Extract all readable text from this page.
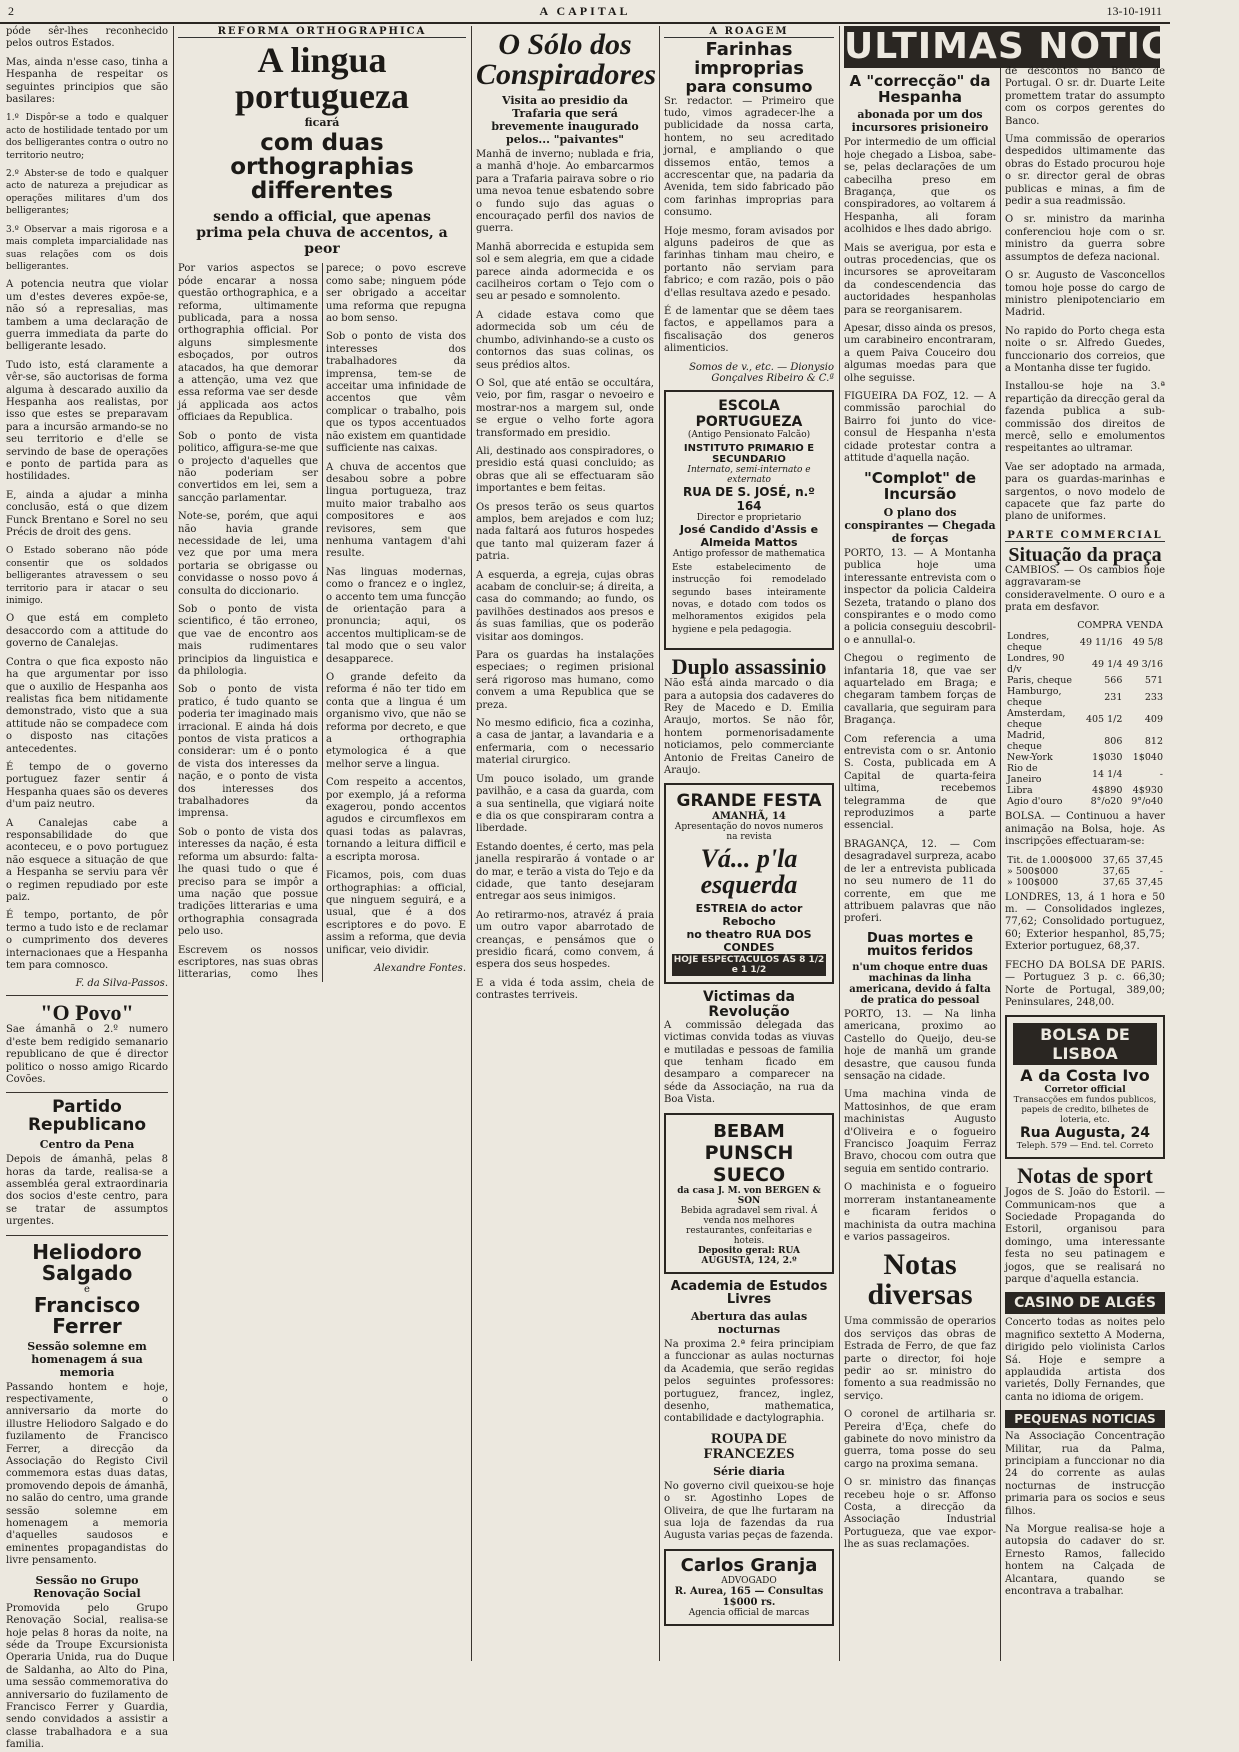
2	A CAPITAL	13-10-1911

póde sêr-lhes reconhecido pelos outros Estados.

Mas, ainda n'esse caso, tinha a Hespanha de respeitar os seguintes principios que são basilares:

1.º Dispôr-se a todo e qualquer acto de hostilidade tentado por um dos belligerantes contra o outro no territorio neutro;

2.º Abster-se de todo e qualquer acto de natureza a prejudicar as operações militares d'um dos belligerantes;

3.º Observar a mais rigorosa e a mais completa imparcialidade nas suas relações com os dois belligerantes.

A potencia neutra que violar um d'estes deveres expõe-se, não só a represalias, mas tambem a uma declaração de guerra immediata da parte do belligerante lesado.

Tudo isto, está claramente a vêr-se, são auctorisas de forma alguma à descarado auxilio da Hespanha aos realistas, por isso que estes se preparavam para a incursão armando-se no seu territorio e d'elle se servindo de base de operações e ponto de partida para as hostilidades.

E, ainda a ajudar a minha conclusão, está o que dizem Funck Brentano e Sorel no seu Précis de droit des gens.

O Estado soberano não póde consentir que os soldados belligerantes atravessem o seu territorio para ir atacar o seu inimigo.

O que está em completo desaccordo com a attitude do governo de Canalejas.

Contra o que fica exposto não ha que argumentar por isso que o auxilio de Hespanha aos realistas fica bem nitidamente demonstrado, visto que a sua attitude não se compadece com o disposto nas citações antecedentes.

É tempo de o governo portuguez fazer sentir á Hespanha quaes são os deveres d'um paiz neutro.

A Canalejas cabe a responsabilidade do que aconteceu, e o povo portuguez não esquece a situação de que a Hespanha se serviu para vêr o regimen repudiado por este paiz.

É tempo, portanto, de pôr termo a tudo isto e de reclamar o cumprimento dos deveres internacionaes que a Hespanha tem para comnosco.

F. da Silva-Passos.
"O Povo"

Sae ámanhã o 2.º numero d'este bem redigido semanario republicano de que é director politico o nosso amigo Ricardo Covões.

Partido Republicano
Centro da Pena

Depois de ámanhã, pelas 8 horas da tarde, realisa-se a assembléa geral extraordinaria dos socios d'este centro, para se tratar de assumptos urgentes.

Heliodoro Salgado
e
Francisco Ferrer
Sessão solemne em homenagem á sua memoria

Passando hontem e hoje, respectivamente, o anniversario da morte do illustre Heliodoro Salgado e do fuzilamento de Francisco Ferrer, a direcção da Associação do Registo Civil commemora estas duas datas, promovendo depois de ámanhã, no salão do centro, uma grande sessão solemne em homenagem a memoria d'aquelles saudosos e eminentes propagandistas do livre pensamento.

Sessão no Grupo Renovação Social

Promovida pelo Grupo Renovação Social, realisa-se hoje pelas 8 horas da noite, na séde da Troupe Excursionista Operaria Unida, rua do Duque de Saldanha, ao Alto do Pina, uma sessão commemorativa do anniversario do fuzilamento de Francisco Ferrer y Guardia, sendo convidados a assistir a classe trabalhadora e a sua familia.

REFORMA ORTHOGRAPHICA
A lingua portugueza
ficará
com duas orthographias differentes
sendo a official, que apenas prima pela chuva de accentos, a peor

Por varios aspectos se póde encarar a nossa questão orthographica, e a reforma, ultimamente publicada, para a nossa orthographia official. Por alguns simplesmente esboçados, por outros atacados, ha que demorar a attenção, uma vez que essa reforma vae ser desde já applicada aos actos officiaes da Republica.

Sob o ponto de vista politico, affigura-se-me que o projecto d'aquelles que não poderiam ser convertidos em lei, sem a sancção parlamentar.

Note-se, porém, que aqui não havia grande necessidade de lei, uma vez que por uma mera portaria se obrigasse ou convidasse o nosso povo á consulta do diccionario.

Sob o ponto de vista scientifico, é tão erroneo, que vae de encontro aos mais rudimentares principios da linguistica e da philologia.

Sob o ponto de vista pratico, é tudo quanto se poderia ter imaginado mais irracional. E ainda há dois pontos de vista praticos a considerar: um é o ponto de vista dos interesses da nação, e o ponto de vista dos interesses dos trabalhadores da imprensa.

Sob o ponto de vista dos interesses da nação, é esta reforma um absurdo: falta-lhe quasi tudo o que é preciso para se impôr a uma nação que possue tradições litterarias e uma orthographia consagrada pelo uso.

Escrevem os nossos escriptores, nas suas obras litterarias, como lhes parece; o povo escreve como sabe; ninguem póde ser obrigado a acceitar uma reforma que repugna ao bom senso.

Sob o ponto de vista dos interesses dos trabalhadores da imprensa, tem-se de acceitar uma infinidade de accentos que vêm complicar o trabalho, pois que os typos accentuados não existem em quantidade sufficiente nas caixas.

A chuva de accentos que desabou sobre a pobre lingua portugueza, traz muito maior trabalho aos compositores e aos revisores, sem que nenhuma vantagem d'ahi resulte.

Nas linguas modernas, como o francez e o inglez, o accento tem uma funcção de orientação para a pronuncia; aqui, os accentos multiplicam-se de tal modo que o seu valor desapparece.

O grande defeito da reforma é não ter tido em conta que a lingua é um organismo vivo, que não se reforma por decreto, e que a orthographia etymologica é a que melhor serve a lingua.

Com respeito a accentos, por exemplo, já a reforma exagerou, pondo accentos agudos e circumflexos em quasi todas as palavras, tornando a leitura difficil e a escripta morosa.

Ficamos, pois, com duas orthographias: a official, que ninguem seguirá, e a usual, que é a dos escriptores e do povo. E assim a reforma, que devia unificar, veio dividir.

Alexandre Fontes.
O Sólo dos Conspiradores
Visita ao presidio da Trafaria que será brevemente inaugurado pelos... "paivantes"

Manhã de inverno; nublada e fria, a manhã d'hoje. Ao embarcarmos para a Trafaria pairava sobre o rio uma nevoa tenue esbatendo sobre o fundo sujo das aguas o encouraçado perfil dos navios de guerra.

Manhã aborrecida e estupida sem sol e sem alegria, em que a cidade parece ainda adormecida e os cacilheiros cortam o Tejo com o seu ar pesado e somnolento.

A cidade estava como que adormecida sob um céu de chumbo, adivinhando-se a custo os contornos das suas colinas, os seus prédios altos.

O Sol, que até então se occultára, veio, por fim, rasgar o nevoeiro e mostrar-nos a margem sul, onde se ergue o velho forte agora transformado em presidio.

Ali, destinado aos conspiradores, o presidio está quasi concluido; as obras que ali se effectuaram são importantes e bem feitas.

Os presos terão os seus quartos amplos, bem arejados e com luz; nada faltará aos futuros hospedes que tanto mal quizeram fazer á patria.

A esquerda, a egreja, cujas obras acabam de concluir-se; á direita, a casa do commando; ao fundo, os pavilhões destinados aos presos e ás suas familias, que os poderão visitar aos domingos.

Para os guardas ha instalações especiaes; o regimen prisional será rigoroso mas humano, como convem a uma Republica que se preza.

No mesmo edificio, fica a cozinha, a casa de jantar, a lavandaria e a enfermaria, com o necessario material cirurgico.

Um pouco isolado, um grande pavilhão, e a casa da guarda, com a sua sentinella, que vigiará noite e dia os que conspiraram contra a liberdade.

Estando doentes, é certo, mas pela janella respirarão á vontade o ar do mar, e terão a vista do Tejo e da cidade, que tanto desejaram entregar aos seus inimigos.

Ao retirarmo-nos, atravéz á praia um outro vapor abarrotado de creanças, e pensámos que o presidio ficará, como convem, á espera dos seus hospedes.

E a vida é toda assim, cheia de contrastes terriveis.

A ROAGEM
Farinhas improprias
para consumo

Sr. redactor. — Primeiro que tudo, vimos agradecer-lhe a publicidade da nossa carta, hontem, no seu acreditado jornal, e ampliando o que dissemos então, temos a accrescentar que, na padaria da Avenida, tem sido fabricado pão com farinhas improprias para consumo.

Hoje mesmo, foram avisados por alguns padeiros de que as farinhas tinham mau cheiro, e portanto não serviam para fabrico; e com razão, pois o pão d'ellas resultava azedo e pesado.

É de lamentar que se dêem taes factos, e appellamos para a fiscalisação dos generos alimenticios.

Somos de v., etc. — Dionysio Gonçalves Ribeiro & C.ª
ESCOLA PORTUGUEZA
(Antigo Pensionato Falcão)
INSTITUTO PRIMARIO E SECUNDARIO
Internato, semi-internato e externato
RUA DE S. JOSÉ, n.º 164
Director e proprietario
José Candido d'Assis e Almeida Mattos
Antigo professor de mathematica

Este estabelecimento de instrucção foi remodelado segundo bases inteiramente novas, e dotado com todos os melhoramentos exigidos pela hygiene e pela pedagogia.

Duplo assassinio

Não está ainda marcado o dia para a autopsia dos cadaveres do Rey de Macedo e D. Emilia Araujo, mortos. Se não fôr, hontem pormenorisadamente noticiamos, pelo commerciante Antonio de Freitas Caneiro de Araujo.

GRANDE FESTA
AMANHÃ, 14
Apresentação do novos numeros na revista
Vá... p'la esquerda
ESTREIA do actor Rebocho
no theatro RUA DOS CONDES
HOJE ESPECTACULOS ÁS 8 1/2 e 1 1/2
Victimas da Revolução

A commissão delegada das victimas convida todas as viuvas e mutiladas e pessoas de familia que tenham ficado em desamparo a comparecer na séde da Associação, na rua da Boa Vista.

BEBAM
PUNSCH SUECO
da casa J. M. von BERGEN & SON
Bebida agradavel sem rival. Á venda nos melhores restaurantes, confeitarias e hoteis.
Deposito geral: RUA AUGUSTA, 124, 2.º
Academia de Estudos Livres
Abertura das aulas nocturnas

Na proxima 2.ª feira principiam a funccionar as aulas nocturnas da Academia, que serão regidas pelos seguintes professores: portuguez, francez, inglez, desenho, mathematica, contabilidade e dactylographia.

ROUPA DE FRANCEZES
Série diaria

No governo civil queixou-se hoje o sr. Agostinho Lopes de Oliveira, de que lhe furtaram na sua loja de fazendas da rua Augusta varias peças de fazenda.

Carlos Granja
ADVOGADO
R. Aurea, 165 — Consultas 1$000 rs.
Agencia official de marcas
ULTIMAS NOTICIAS
A "correcção" da Hespanha
abonada por um dos incursores prisioneiro

Por intermedio de um official hoje chegado a Lisboa, sabe-se, pelas declarações de um cabecilha preso em Bragança, que os conspiradores, ao voltarem á Hespanha, ali foram acolhidos e lhes dado abrigo.

Mais se averigua, por esta e outras procedencias, que os incursores se aproveitaram da condescendencia das auctoridades hespanholas para se reorganisarem.

Apesar, disso ainda os presos, um carabineiro encontraram, a quem Paiva Couceiro dou algumas moedas para que olhe seguisse.

FIGUEIRA DA FOZ, 12. — A commissão parochial do Bairro foi junto do vice-consul de Hespanha n'esta cidade protestar contra a attitude d'aquella nação.

"Complot" de Incursão
O plano dos conspirantes — Chegada de forças

PORTO, 13. — A Montanha publica hoje uma interessante entrevista com o inspector da policia Caldeira Sezeta, tratando o plano dos conspirantes e o modo como a policia conseguiu descobril-o e annullal-o.

Chegou o regimento de infantaria 18, que vae ser aquartelado em Braga; e chegaram tambem forças de cavallaria, que seguiram para Bragança.

Com referencia a uma entrevista com o sr. Antonio S. Costa, publicada em A Capital de quarta-feira ultima, recebemos telegramma de que reproduzimos a parte essencial.

BRAGANÇA, 12. — Com desagradavel surpreza, acabo de ler a entrevista publicada no seu numero de 11 do corrente, em que me attribuem palavras que não proferi.

Duas mortes e muitos feridos
n'um choque entre duas machinas da linha americana, devido á falta de pratica do pessoal

PORTO, 13. — Na linha americana, proximo ao Castello do Queijo, deu-se hoje de manhã um grande desastre, que causou funda sensação na cidade.

Uma machina vinda de Mattosinhos, de que eram machinistas Augusto d'Oliveira e o fogueiro Francisco Joaquim Ferraz Bravo, chocou com outra que seguia em sentido contrario.

O machinista e o fogueiro morreram instantaneamente e ficaram feridos o machinista da outra machina e varios passageiros.

Notas diversas

Uma commissão de operarios dos serviços das obras de Estrada de Ferro, de que faz parte o director, foi hoje pedir ao sr. ministro do fomento a sua readmissão no serviço.

O coronel de artilharia sr. Pereira d'Eça, chefe do gabinete do novo ministro da guerra, toma posse do seu cargo na proxima semana.

O sr. ministro das finanças recebeu hoje o sr. Affonso Costa, a direcção da Associação Industrial Portugueza, que vae expor-lhe as suas reclamações.

de descontos no Banco de Portugal. O sr. dr. Duarte Leite promettem tratar do assumpto com os corpos gerentes do Banco.

Uma commissão de operarios despedidos ultimamente das obras do Estado procurou hoje o sr. director geral de obras publicas e minas, a fim de pedir a sua readmissão.

O sr. ministro da marinha conferenciou hoje com o sr. ministro da guerra sobre assumptos de defeza nacional.

O sr. Augusto de Vasconcellos tomou hoje posse do cargo de ministro plenipotenciario em Madrid.

No rapido do Porto chega esta noite o sr. Alfredo Guedes, funccionario dos correios, que a Montanha disse ter fugido.

Installou-se hoje na 3.ª repartição da direcção geral da fazenda publica a sub-commissão dos direitos de mercê, sello e emolumentos respeitantes ao ultramar.

Vae ser adoptado na armada, para os guardas-marinhas e sargentos, o novo modelo de capacete que faz parte do plano de uniformes.

PARTE COMMERCIAL
Situação da praça

CAMBIOS. — Os cambios hoje aggravaram-se consideravelmente. O ouro e a prata em desfavor.

	COMPRA	VENDA
Londres, cheque	49 11/16	49 5/8
Londres, 90 d/v	49 1/4	49 3/16
Paris, cheque	566	571
Hamburgo, cheque	231	233
Amsterdam, cheque	405 1/2	409
Madrid, cheque	806	812
New-York	1$030	1$040
Rio de Janeiro	14 1/4	-
Libra	4$890	4$930
Agio d'ouro	8°/o20	9°/o40

BOLSA. — Continuou a haver animação na Bolsa, hoje. As inscripções effectuaram-se:

Tit. de 1.000$000	37,65	37,45
» 500$000	37,65	-
» 100$000	37,65	37,45

LONDRES, 13, á 1 hora e 50 m. — Consolidados inglezes, 77,62; Consolidado portuguez, 60; Exterior hespanhol, 85,75; Exterior portuguez, 68,37.

FECHO DA BOLSA DE PARIS. — Portuguez 3 p. c. 66,30; Norte de Portugal, 389,00; Peninsulares, 248,00.

BOLSA DE LISBOA
A da Costa Ivo
Corretor official
Transacções em fundos publicos, papeis de credito, bilhetes de loteria, etc.
Rua Augusta, 24
Teleph. 579 — End. tel. Correto
Notas de sport

Jogos de S. João do Estoril. — Communicam-nos que a Sociedade Propaganda do Estoril, organisou para domingo, uma interessante festa no seu patinagem e jogos, que se realisará no parque d'aquella estancia.

CASINO DE ALGÉS

Concerto todas as noites pelo magnifico sextetto A Moderna, dirigido pelo violinista Carlos Sá. Hoje e sempre a applaudida artista dos varietés, Dolly Fernandes, que canta no idioma de origem.

PEQUENAS NOTICIAS

Na Associação Concentração Militar, rua da Palma, principiam a funccionar no dia 24 do corrente as aulas nocturnas de instrucção primaria para os socios e seus filhos.

Na Morgue realisa-se hoje a autopsia do cadaver do sr. Ernesto Ramos, fallecido hontem na Calçada de Alcantara, quando se encontrava a trabalhar.
